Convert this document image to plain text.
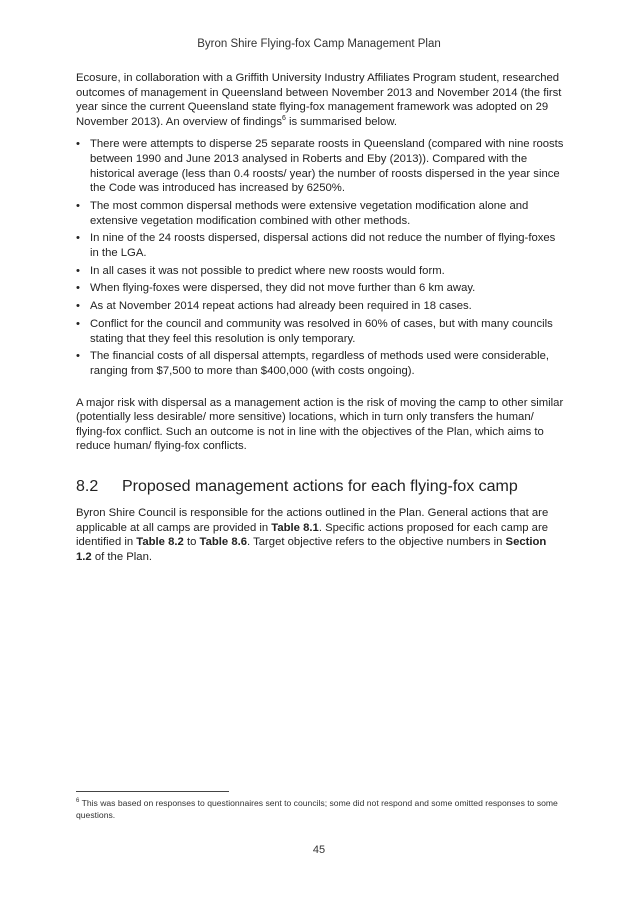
Byron Shire Flying-fox Camp Management Plan

Ecosure, in collaboration with a Griffith University Industry Affiliates Program student, researched outcomes of management in Queensland between November 2013 and November 2014 (the first year since the current Queensland state flying-fox management framework was adopted on 29 November 2013). An overview of findings$^6$ is summarised below.

• There were attempts to disperse 25 separate roosts in Queensland (compared with nine roosts between 1990 and June 2013 analysed in Roberts and Eby (2013)). Compared with the historical average (less than 0.4 roosts/ year) the number of roosts dispersed in the year since the Code was introduced has increased by 6250%.
• The most common dispersal methods were extensive vegetation modification alone and extensive vegetation modification combined with other methods.
• In nine of the 24 roosts dispersed, dispersal actions did not reduce the number of flying-foxes in the LGA.
• In all cases it was not possible to predict where new roosts would form.
• When flying-foxes were dispersed, they did not move further than 6 km away.
• As at November 2014 repeat actions had already been required in 18 cases.
• Conflict for the council and community was resolved in 60% of cases, but with many councils stating that they feel this resolution is only temporary.
• The financial costs of all dispersal attempts, regardless of methods used were considerable, ranging from $7,500 to more than $400,000 (with costs ongoing).

A major risk with dispersal as a management action is the risk of moving the camp to other similar (potentially less desirable/ more sensitive) locations, which in turn only transfers the human/ flying-fox conflict. Such an outcome is not in line with the objectives of the Plan, which aims to reduce human/ flying-fox conflicts.

8.2	Proposed management actions for each flying-fox camp

Byron Shire Council is responsible for the actions outlined in the Plan. General actions that are applicable at all camps are provided in Table 8.1. Specific actions proposed for each camp are identified in Table 8.2 to Table 8.6. Target objective refers to the objective numbers in Section 1.2 of the Plan.

$^6$ This was based on responses to questionnaires sent to councils; some did not respond and some omitted responses to some questions.
45
